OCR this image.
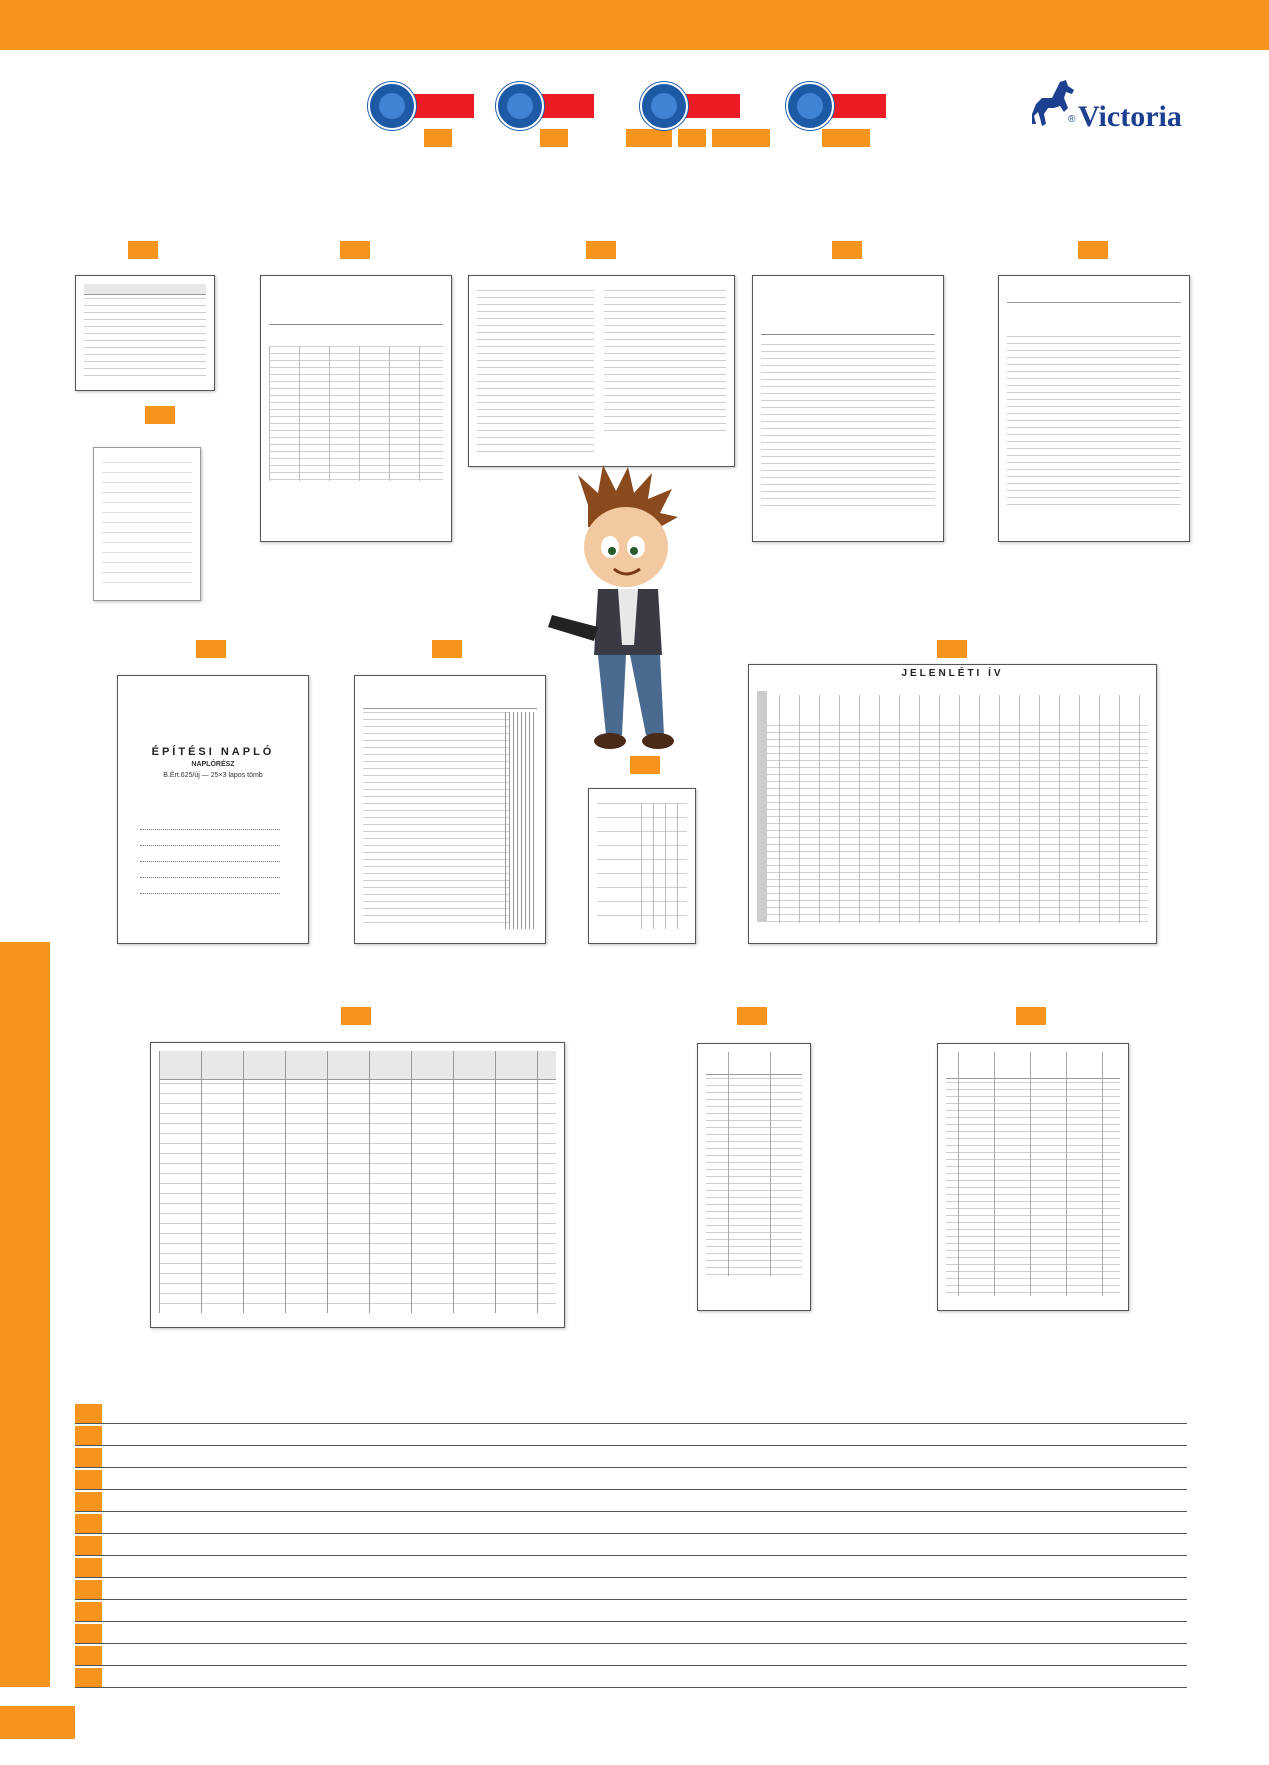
® Victoria
ÉPÍTÉSI NAPLÓ
NAPLÓRÉSZ
B.Ért.625/új — 25×3 lapos tömb
JELENLÉTI ÍV
